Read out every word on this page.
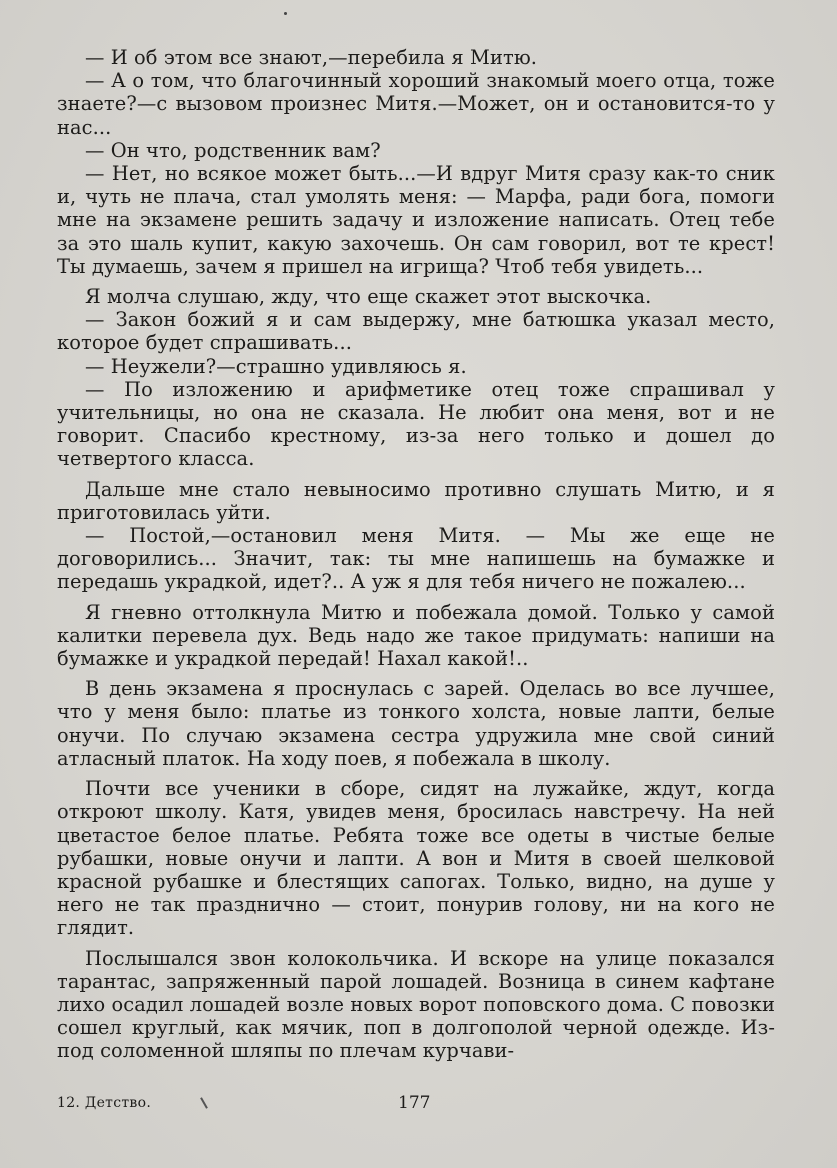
— И об этом все знают,—перебила я Митю.

— А о том, что благочинный хороший знакомый моего отца, тоже знаете?—с вызовом произнес Митя.—Может, он и остановится-то у нас...

— Он что, родственник вам?

— Нет, но всякое может быть...—И вдруг Митя сразу как-то сник и, чуть не плача, стал умолять меня: — Марфа, ради бога, помоги мне на экзамене решить задачу и изложение написать. Отец тебе за это шаль купит, какую захочешь. Он сам говорил, вот те крест! Ты думаешь, зачем я пришел на игрища? Чтоб тебя увидеть...

Я молча слушаю, жду, что еще скажет этот выскочка.

— Закон божий я и сам выдержу, мне батюшка указал место, которое будет спрашивать...

— Неужели?—страшно удивляюсь я.

— По изложению и арифметике отец тоже спрашивал у учительницы, но она не сказала. Не любит она меня, вот и не говорит. Спасибо крестному, из-за него только и дошел до четвертого класса.

Дальше мне стало невыносимо противно слушать Митю, и я приготовилась уйти.

— Постой,—остановил меня Митя. — Мы же еще не договорились... Значит, так: ты мне напишешь на бумажке и передашь украдкой, идет?.. А уж я для тебя ничего не пожалею...

Я гневно оттолкнула Митю и побежала домой. Только у самой калитки перевела дух. Ведь надо же такое придумать: напиши на бумажке и украдкой передай! Нахал какой!..

В день экзамена я проснулась с зарей. Оделась во все лучшее, что у меня было: платье из тонкого холста, новые лапти, белые онучи. По случаю экзамена сестра удружила мне свой синий атласный платок. На ходу поев, я побежала в школу.

Почти все ученики в сборе, сидят на лужайке, ждут, когда откроют школу. Катя, увидев меня, бросилась навстречу. На ней цветастое белое платье. Ребята тоже все одеты в чистые белые рубашки, новые онучи и лапти. А вон и Митя в своей шелковой красной рубашке и блестящих сапогах. Только, видно, на душе у него не так празднично — стоит, понурив голову, ни на кого не глядит.

Послышался звон колокольчика. И вскоре на улице показался тарантас, запряженный парой лошадей. Возница в синем кафтане лихо осадил лошадей возле новых ворот поповского дома. С повозки сошел круглый, как мячик, поп в долгополой черной одежде. Из-под соломенной шляпы по плечам курчави-

12. Детство.	177
